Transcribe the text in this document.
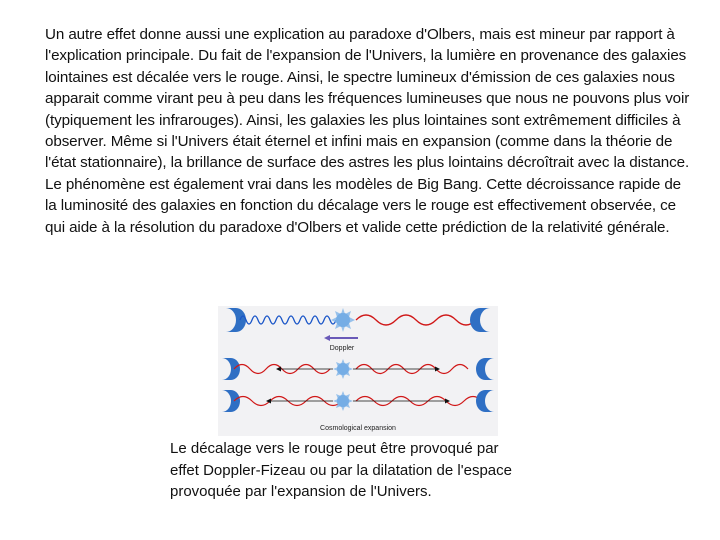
Un autre effet donne aussi une explication au paradoxe d'Olbers, mais est mineur par rapport à l'explication principale. Du fait de l'expansion de l'Univers, la lumière en provenance des galaxies lointaines est décalée vers le rouge. Ainsi, le spectre lumineux d'émission de ces galaxies nous apparait comme virant peu à peu dans les fréquences lumineuses que nous ne pouvons plus voir (typiquement les infrarouges). Ainsi, les galaxies les plus lointaines sont extrêmement difficiles à observer. Même si l'Univers était éternel et infini mais en expansion (comme dans la théorie de l'état stationnaire), la brillance de surface des astres les plus lointains décroîtrait avec la distance. Le phénomène est également vrai dans les modèles de Big Bang. Cette décroissance rapide de la luminosité des galaxies en fonction du décalage vers le rouge est effectivement observée, ce qui aide à la résolution du paradoxe d'Olbers et valide cette prédiction de la relativité générale.

Doppler
Cosmological expansion

Le décalage vers le rouge peut être provoqué par effet Doppler-Fizeau ou par la dilatation de l'espace provoquée par l'expansion de l'Univers.
